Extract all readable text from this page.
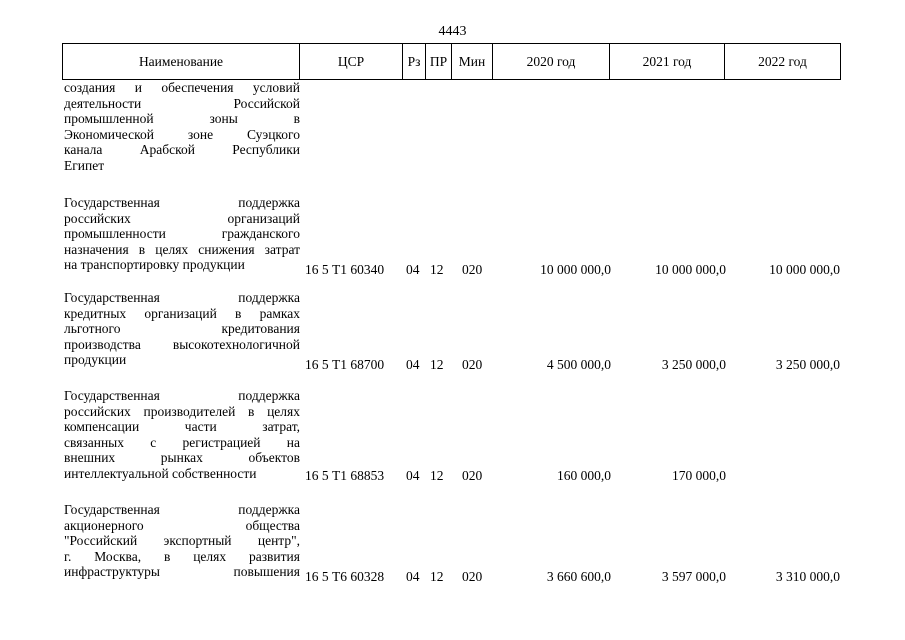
4443
Наименование	ЦСР	Рз	ПР	Мин	2020 год	2021 год	2022 год
создания и обеспечения условий
деятельности Российской
промышленной зоны в
Экономической зоне Суэцкого
канала Арабской Республики
Египет
Государственная поддержка
российских организаций
промышленности гражданского
назначения в целях снижения затрат
на транспортировку продукции	16 5 Т1 60340 04 12 020	10 000 000,0	10 000 000,0	10 000 000,0
Государственная поддержка
кредитных организаций в рамках
льготного кредитования
производства высокотехнологичной
продукции	16 5 Т1 68700 04 12 020	4 500 000,0	3 250 000,0	3 250 000,0
Государственная поддержка
российских производителей в целях
компенсации части затрат,
связанных с регистрацией на
внешних рынках объектов
интеллектуальной собственности	16 5 Т1 68853 04 12 020	160 000,0	170 000,0
Государственная поддержка
акционерного общества
"Российский экспортный центр",
г. Москва, в целях развития
инфраструктуры повышения 16 5 Т6 60328 04 12 020	3 660 600,0	3 597 000,0	3 310 000,0
